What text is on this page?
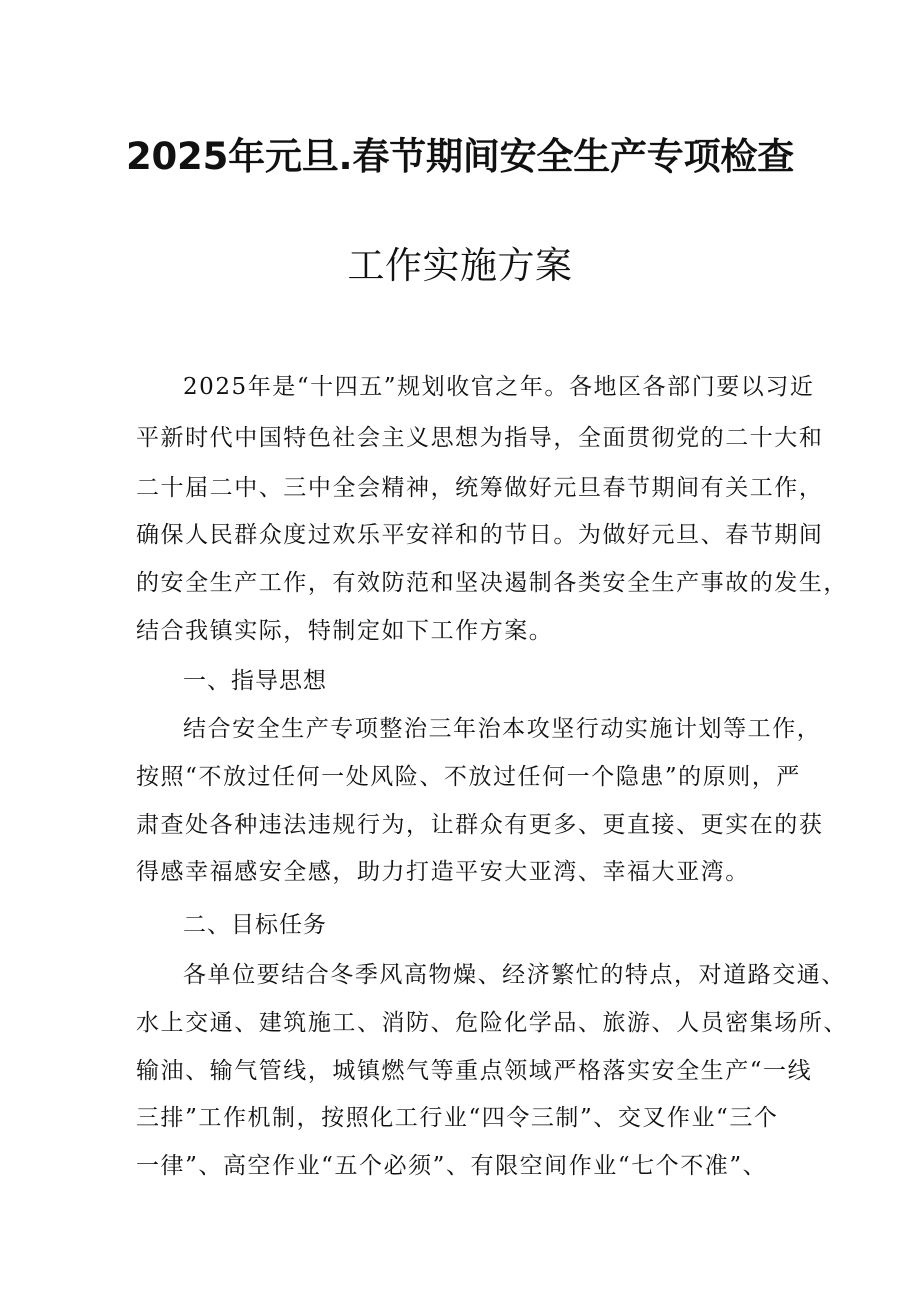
2025年元旦.春节期间安全生产专项检查
工作实施方案
2025年是“十四五”规划收官之年。各地区各部门要以习近
平新时代中国特色社会主义思想为指导，全面贯彻党的二十大和
二十届二中、三中全会精神，统筹做好元旦春节期间有关工作，
确保人民群众度过欢乐平安祥和的节日。为做好元旦、春节期间
的安全生产工作，有效防范和坚决遏制各类安全生产事故的发生，
结合我镇实际，特制定如下工作方案。
一、指导思想
结合安全生产专项整治三年治本攻坚行动实施计划等工作，
按照“不放过任何一处风险、不放过任何一个隐患”的原则，严
肃查处各种违法违规行为，让群众有更多、更直接、更实在的获
得感幸福感安全感，助力打造平安大亚湾、幸福大亚湾。
二、目标任务
各单位要结合冬季风高物燥、经济繁忙的特点，对道路交通、
水上交通、建筑施工、消防、危险化学品、旅游、人员密集场所、
输油、输气管线，城镇燃气等重点领域严格落实安全生产“一线
三排”工作机制，按照化工行业“四令三制”、交叉作业“三个
一律”、高空作业“五个必须”、有限空间作业“七个不准”、
